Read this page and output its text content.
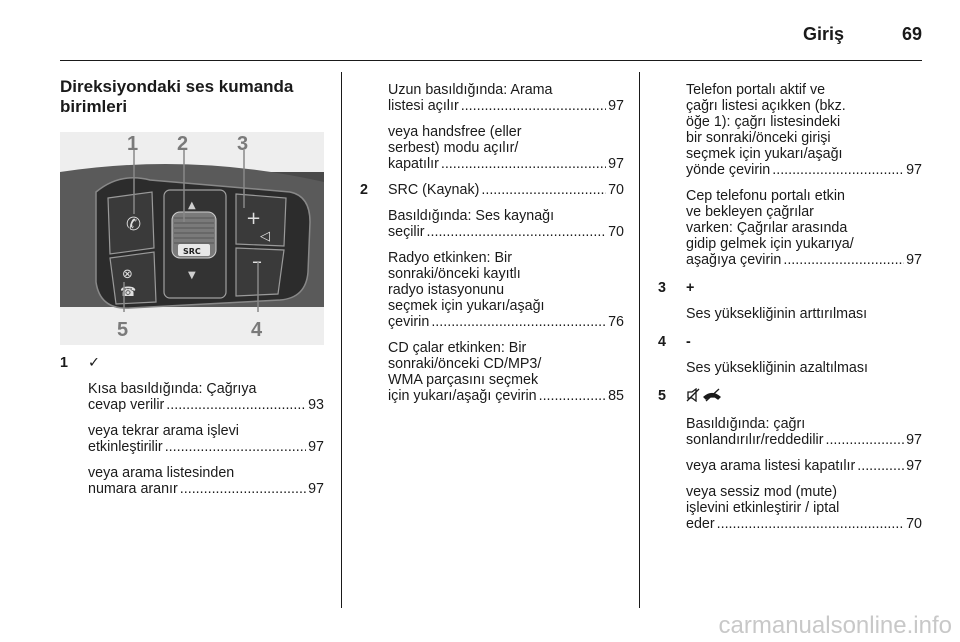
Giriş	69
Direksiyondaki ses kumanda
birimleri
✆
⊗
☎
▲
SRC
▼
+
◁
–
1 2 3
4
5
1 ✓
Kısa basıldığında: Çağrıya
cevap verilir .....	93
veya tekrar arama işlevi
etkinleştirilir .....	97
veya arama listesinden
numara aranır .....	97
Uzun basıldığında: Arama
listesi açılır .....	97
veya handsfree (eller
serbest) modu açılır/
kapatılır .....	97
2 SRC (Kaynak) .....	70
Basıldığında: Ses kaynağı
seçilir .....	70
Radyo etkinken: Bir
sonraki/önceki kayıtlı
radyo istasyonunu
seçmek için yukarı/aşağı
çevirin .....	76
CD çalar etkinken: Bir
sonraki/önceki CD/MP3/
WMA parçasını seçmek
için yukarı/aşağı çevirin .....	85
Telefon portalı aktif ve
çağrı listesi açıkken (bkz.
öğe 1): çağrı listesindeki
bir sonraki/önceki girişi
seçmek için yukarı/aşağı
yönde çevirin .....	97
Cep telefonu portalı etkin
ve bekleyen çağrılar
varken: Çağrılar arasında
gidip gelmek için yukarıya/
aşağıya çevirin .....	97
3 +
Ses yüksekliğinin arttırılması
4 -
Ses yüksekliğinin azaltılması
5
Basıldığında: çağrı
sonlandırılır/reddedilir .....	97
veya arama listesi kapatılır .....	97
veya sessiz mod (mute)
işlevini etkinleştirir / iptal
eder .....	70
carmanualsonline.info
